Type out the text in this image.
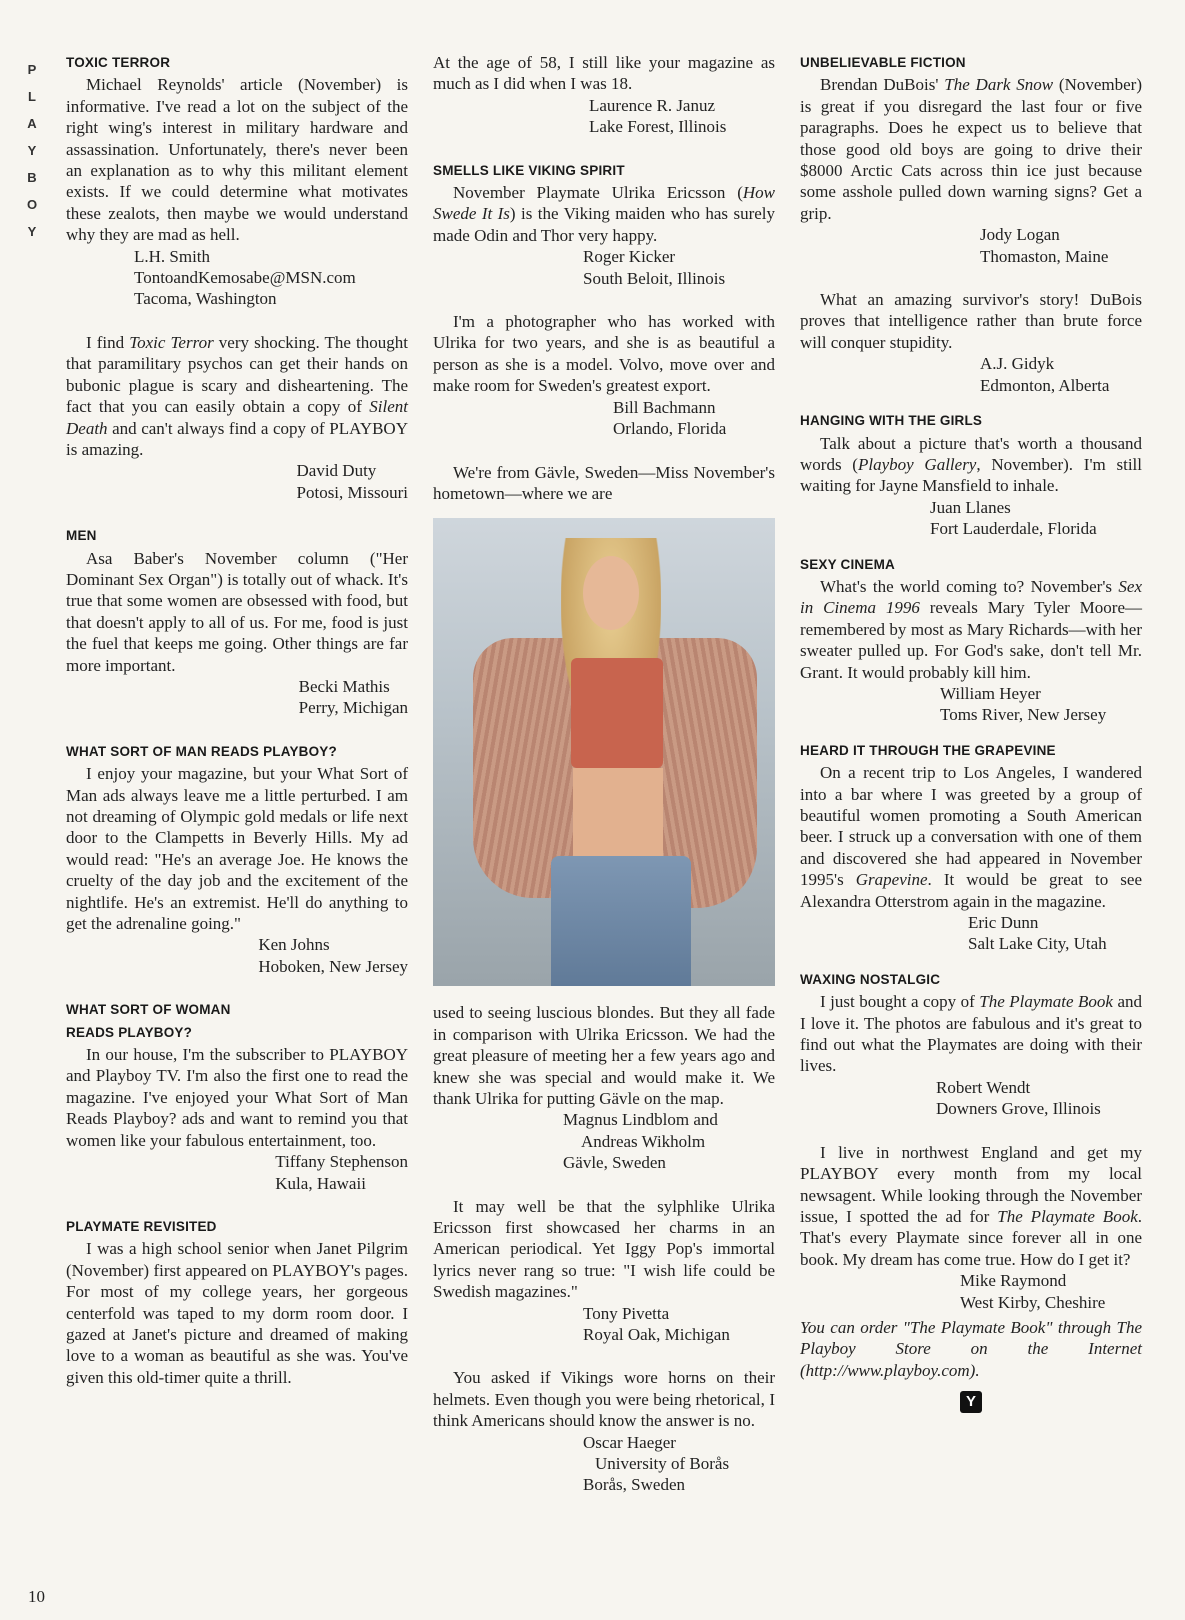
P
L
A
Y
B
O
Y
TOXIC TERROR

Michael Reynolds' article (November) is informative. I've read a lot on the subject of the right wing's interest in military hardware and assassination. Unfortunately, there's never been an explanation as to why this militant element exists. If we could determine what motivates these zealots, then maybe we would understand why they are mad as hell.

L.H. Smith
TontoandKemosabe@MSN.com
Tacoma, Washington

I find Toxic Terror very shocking. The thought that paramilitary psychos can get their hands on bubonic plague is scary and disheartening. The fact that you can easily obtain a copy of Silent Death and can't always find a copy of PLAYBOY is amazing.

David Duty
Potosi, Missouri
MEN

Asa Baber's November column ("Her Dominant Sex Organ") is totally out of whack. It's true that some women are obsessed with food, but that doesn't apply to all of us. For me, food is just the fuel that keeps me going. Other things are far more important.

Becki Mathis
Perry, Michigan
WHAT SORT OF MAN READS PLAYBOY?

I enjoy your magazine, but your What Sort of Man ads always leave me a little perturbed. I am not dreaming of Olympic gold medals or life next door to the Clampetts in Beverly Hills. My ad would read: "He's an average Joe. He knows the cruelty of the day job and the excitement of the nightlife. He's an extremist. He'll do anything to get the adrenaline going."

Ken Johns
Hoboken, New Jersey
WHAT SORT OF WOMAN
READS PLAYBOY?

In our house, I'm the subscriber to PLAYBOY and Playboy TV. I'm also the first one to read the magazine. I've enjoyed your What Sort of Man Reads Playboy? ads and want to remind you that women like your fabulous entertainment, too.

Tiffany Stephenson
Kula, Hawaii
PLAYMATE REVISITED

I was a high school senior when Janet Pilgrim (November) first appeared on PLAYBOY's pages. For most of my college years, her gorgeous centerfold was taped to my dorm room door. I gazed at Janet's picture and dreamed of making love to a woman as beautiful as she was. You've given this old-timer quite a thrill.

At the age of 58, I still like your magazine as much as I did when I was 18.

Laurence R. Januz
Lake Forest, Illinois
SMELLS LIKE VIKING SPIRIT

November Playmate Ulrika Ericsson (How Swede It Is) is the Viking maiden who has surely made Odin and Thor very happy.

Roger Kicker
South Beloit, Illinois

I'm a photographer who has worked with Ulrika for two years, and she is as beautiful a person as she is a model. Volvo, move over and make room for Sweden's greatest export.

Bill Bachmann
Orlando, Florida

We're from Gävle, Sweden—Miss November's hometown—where we are

used to seeing luscious blondes. But they all fade in comparison with Ulrika Ericsson. We had the great pleasure of meeting her a few years ago and knew she was special and would make it. We thank Ulrika for putting Gävle on the map.

Magnus Lindblom and
Andreas Wikholm
Gävle, Sweden

It may well be that the sylphlike Ulrika Ericsson first showcased her charms in an American periodical. Yet Iggy Pop's immortal lyrics never rang so true: "I wish life could be Swedish magazines."

Tony Pivetta
Royal Oak, Michigan

You asked if Vikings wore horns on their helmets. Even though you were being rhetorical, I think Americans should know the answer is no.

Oscar Haeger
University of Borås
Borås, Sweden
UNBELIEVABLE FICTION

Brendan DuBois' The Dark Snow (November) is great if you disregard the last four or five paragraphs. Does he expect us to believe that those good old boys are going to drive their $8000 Arctic Cats across thin ice just because some asshole pulled down warning signs? Get a grip.

Jody Logan
Thomaston, Maine

What an amazing survivor's story! DuBois proves that intelligence rather than brute force will conquer stupidity.

A.J. Gidyk
Edmonton, Alberta
HANGING WITH THE GIRLS

Talk about a picture that's worth a thousand words (Playboy Gallery, November). I'm still waiting for Jayne Mansfield to inhale.

Juan Llanes
Fort Lauderdale, Florida
SEXY CINEMA

What's the world coming to? November's Sex in Cinema 1996 reveals Mary Tyler Moore—remembered by most as Mary Richards—with her sweater pulled up. For God's sake, don't tell Mr. Grant. It would probably kill him.

William Heyer
Toms River, New Jersey
HEARD IT THROUGH THE GRAPEVINE

On a recent trip to Los Angeles, I wandered into a bar where I was greeted by a group of beautiful women promoting a South American beer. I struck up a conversation with one of them and discovered she had appeared in November 1995's Grapevine. It would be great to see Alexandra Otterstrom again in the magazine.

Eric Dunn
Salt Lake City, Utah
WAXING NOSTALGIC

I just bought a copy of The Playmate Book and I love it. The photos are fabulous and it's great to find out what the Playmates are doing with their lives.

Robert Wendt
Downers Grove, Illinois

I live in northwest England and get my PLAYBOY every month from my local newsagent. While looking through the November issue, I spotted the ad for The Playmate Book. That's every Playmate since forever all in one book. My dream has come true. How do I get it?

Mike Raymond
West Kirby, Cheshire

You can order "The Playmate Book" through The Playboy Store on the Internet (http://www.playboy.com).

Y
10
